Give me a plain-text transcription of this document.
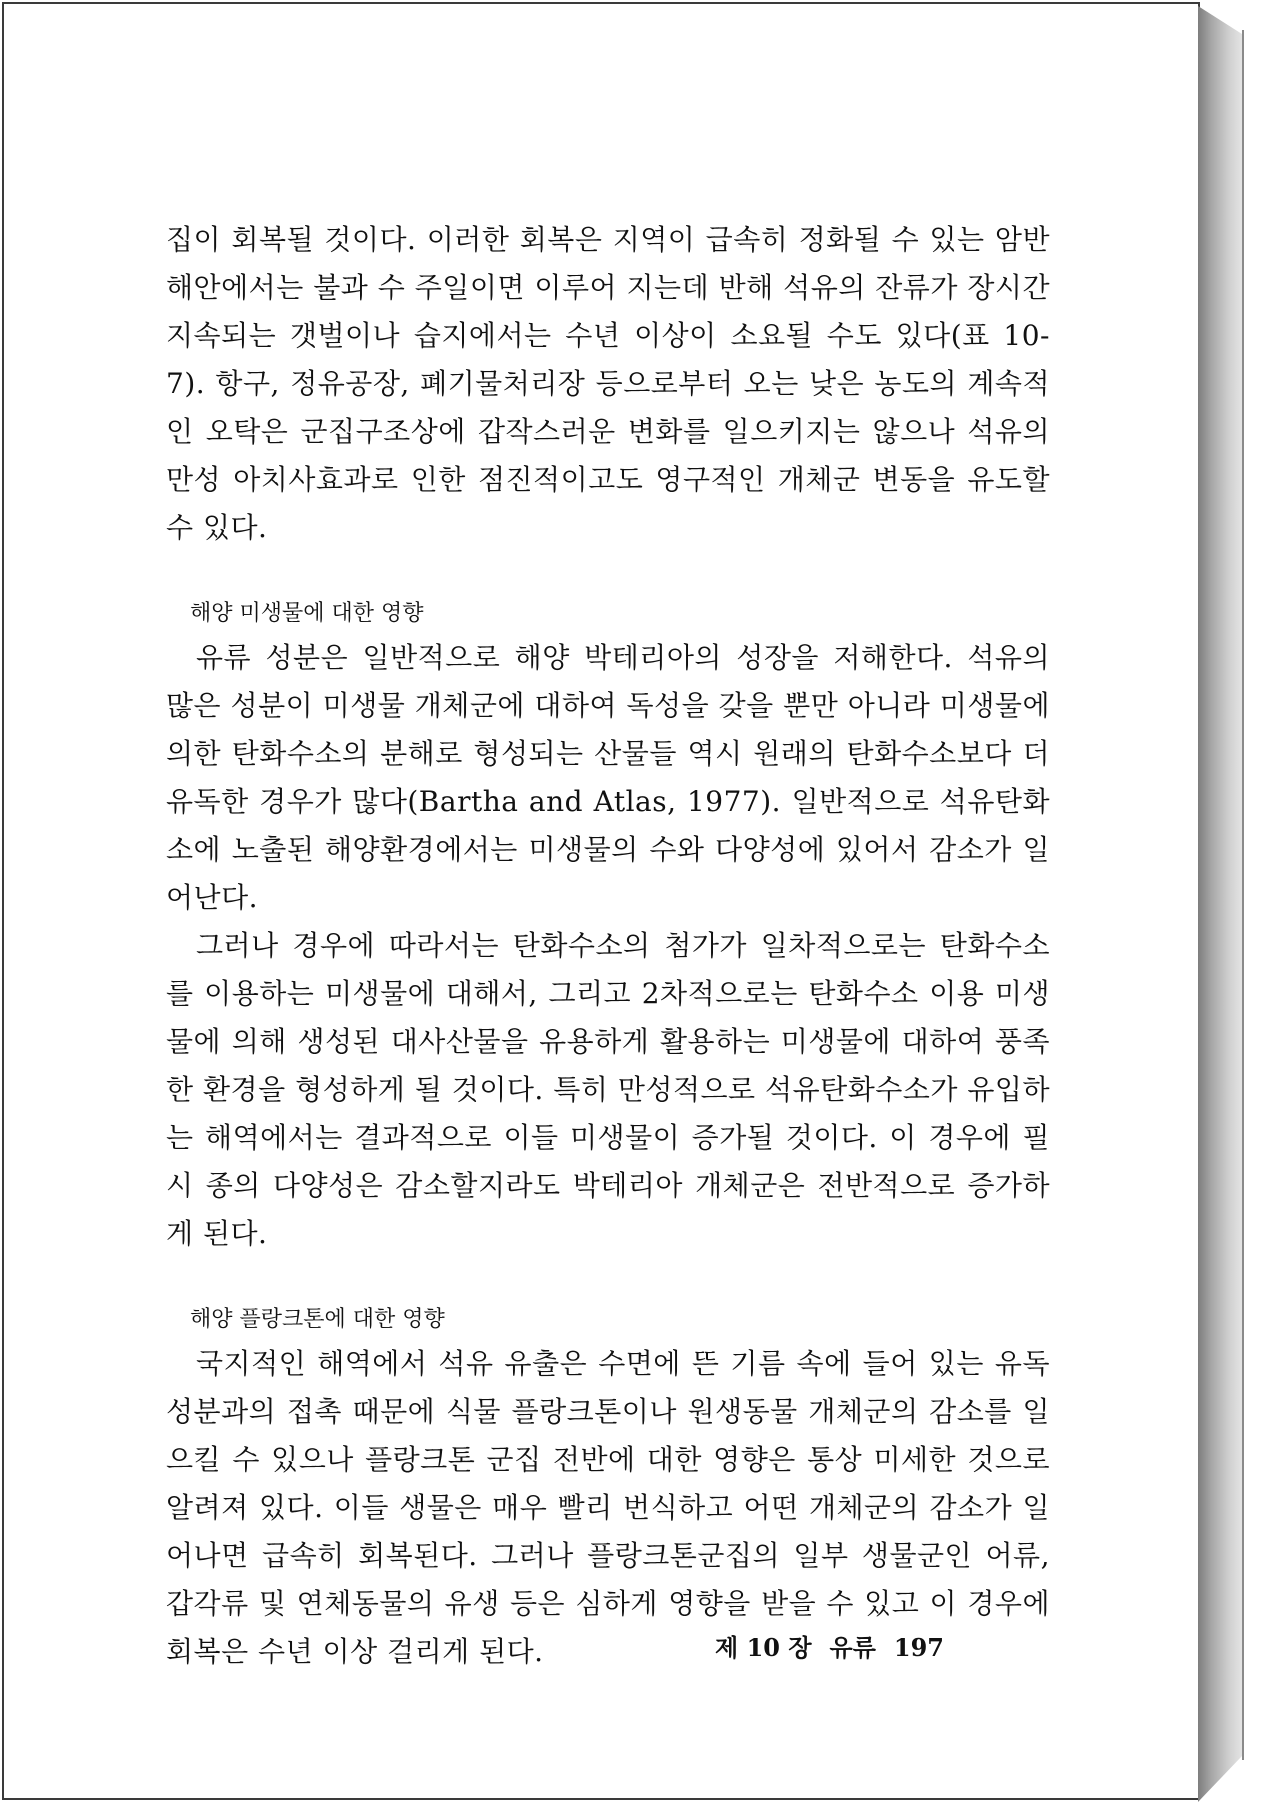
집이 회복될 것이다. 이러한 회복은 지역이 급속히 정화될 수 있는 암반 해안에서는 불과 수 주일이면 이루어 지는데 반해 석유의 잔류가 장시간 지속되는 갯벌이나 습지에서는 수년 이상이 소요될 수도 있다(표 10-7). 항구, 정유공장, 폐기물처리장 등으로부터 오는 낮은 농도의 계속적인 오탁은 군집구조상에 갑작스러운 변화를 일으키지는 않으나 석유의 만성 아치사효과로 인한 점진적이고도 영구적인 개체군 변동을 유도할 수 있다.

해양 미생물에 대한 영향

유류 성분은 일반적으로 해양 박테리아의 성장을 저해한다. 석유의 많은 성분이 미생물 개체군에 대하여 독성을 갖을 뿐만 아니라 미생물에 의한 탄화수소의 분해로 형성되는 산물들 역시 원래의 탄화수소보다 더 유독한 경우가 많다(Bartha and Atlas, 1977). 일반적으로 석유탄화소에 노출된 해양환경에서는 미생물의 수와 다양성에 있어서 감소가 일어난다.

그러나 경우에 따라서는 탄화수소의 첨가가 일차적으로는 탄화수소를 이용하는 미생물에 대해서, 그리고 2차적으로는 탄화수소 이용 미생물에 의해 생성된 대사산물을 유용하게 활용하는 미생물에 대하여 풍족한 환경을 형성하게 될 것이다. 특히 만성적으로 석유탄화수소가 유입하는 해역에서는 결과적으로 이들 미생물이 증가될 것이다. 이 경우에 필시 종의 다양성은 감소할지라도 박테리아 개체군은 전반적으로 증가하게 된다.

해양 플랑크톤에 대한 영향

국지적인 해역에서 석유 유출은 수면에 뜬 기름 속에 들어 있는 유독성분과의 접촉 때문에 식물 플랑크톤이나 원생동물 개체군의 감소를 일으킬 수 있으나 플랑크톤 군집 전반에 대한 영향은 통상 미세한 것으로 알려져 있다. 이들 생물은 매우 빨리 번식하고 어떤 개체군의 감소가 일어나면 급속히 회복된다. 그러나 플랑크톤군집의 일부 생물군인 어류, 갑각류 및 연체동물의 유생 등은 심하게 영향을 받을 수 있고 이 경우에 회복은 수년 이상 걸리게 된다.	제 10 장 유류 197
